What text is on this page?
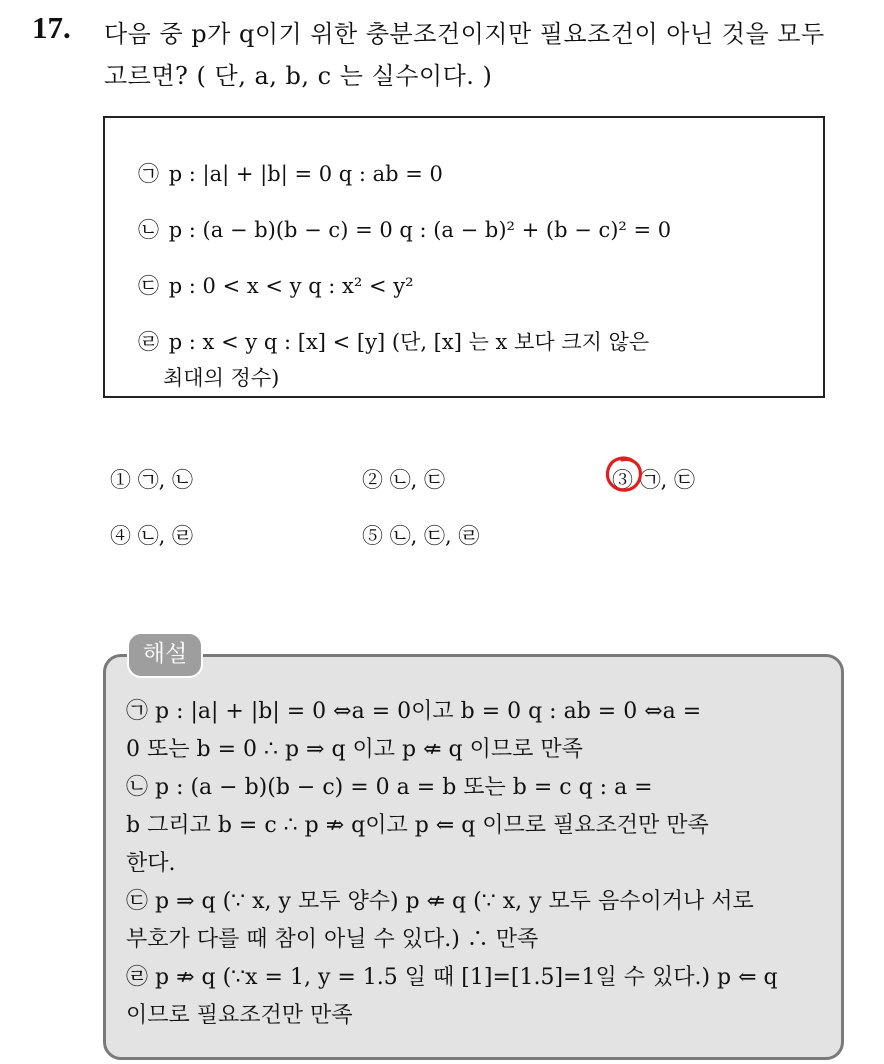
17. 다음 중 p가 q이기 위한 충분조건이지만 필요조건이 아닌 것을 모두
고르면? ( 단, a, b, c 는 실수이다. )
㉠ p : |a| + |b| = 0 q : ab = 0
㉡ p : (a − b)(b − c) = 0 q : (a − b)² + (b − c)² = 0
㉢ p : 0 < x < y q : x² < y²
㉣ p : x < y q : [x] < [y] (단, [x] 는 x 보다 크지 않은
최대의 정수)
① ㉠, ㉡	② ㉡, ㉢	③ ㉠, ㉢
④ ㉡, ㉣	⑤ ㉡, ㉢, ㉣
해설
㉠ p : |a| + |b| = 0 ⇔a = 0이고 b = 0 q : ab = 0 ⇔a =
0 또는 b = 0 ∴ p ⇒ q 이고 p ⇍ q 이므로 만족
㉡ p : (a − b)(b − c) = 0 a = b 또는 b = c q : a =
b 그리고 b = c ∴ p ⇏ q이고 p ⇐ q 이므로 필요조건만 만족
한다.
㉢ p ⇒ q (∵ x, y 모두 양수) p ⇍ q (∵ x, y 모두 음수이거나 서로
부호가 다를 때 참이 아닐 수 있다.) ∴ 만족
㉣ p ⇏ q (∵x = 1, y = 1.5 일 때 [1]=[1.5]=1일 수 있다.) p ⇐ q
이므로 필요조건만 만족
